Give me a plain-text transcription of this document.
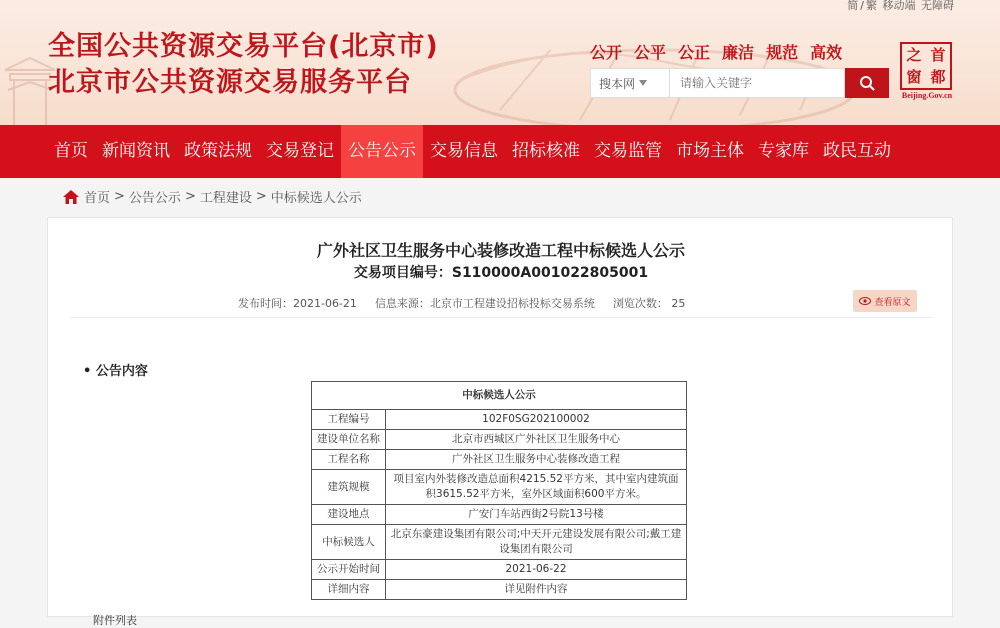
简 / 繁 移动端 无障碍
全国公共资源交易平台(北京市)
北京市公共资源交易服务平台
公开 公平 公正 廉洁 规范 高效
搜本网
请输入关键字
之 首
窗 都
Beijing.Gov.cn
首页 新闻资讯 政策法规 交易登记 公告公示 交易信息 招标核准 交易监管 市场主体 专家库 政民互动
首页 > 公告公示 > 工程建设 > 中标候选人公示
广外社区卫生服务中心装修改造工程中标候选人公示
交易项目编号：S110000A001022805001
发布时间：2021-06-21 信息来源：北京市工程建设招标投标交易系统 浏览次数： 25	查看原文
• 公告内容
中标候选人公示	
工程编号	102F0SG202100002
建设单位名称	北京市西城区广外社区卫生服务中心
工程名称	广外社区卫生服务中心装修改造工程
建筑规模	项目室内外装修改造总面积4215.52平方米，其中室内建筑面积3615.52平方米，室外区域面积600平方米。
建设地点	广安门车站西街2号院13号楼
中标候选人	北京东豪建设集团有限公司;中天开元建设发展有限公司;戴工建设集团有限公司
公示开始时间	2021-06-22
详细内容	详见附件内容
附件列表
